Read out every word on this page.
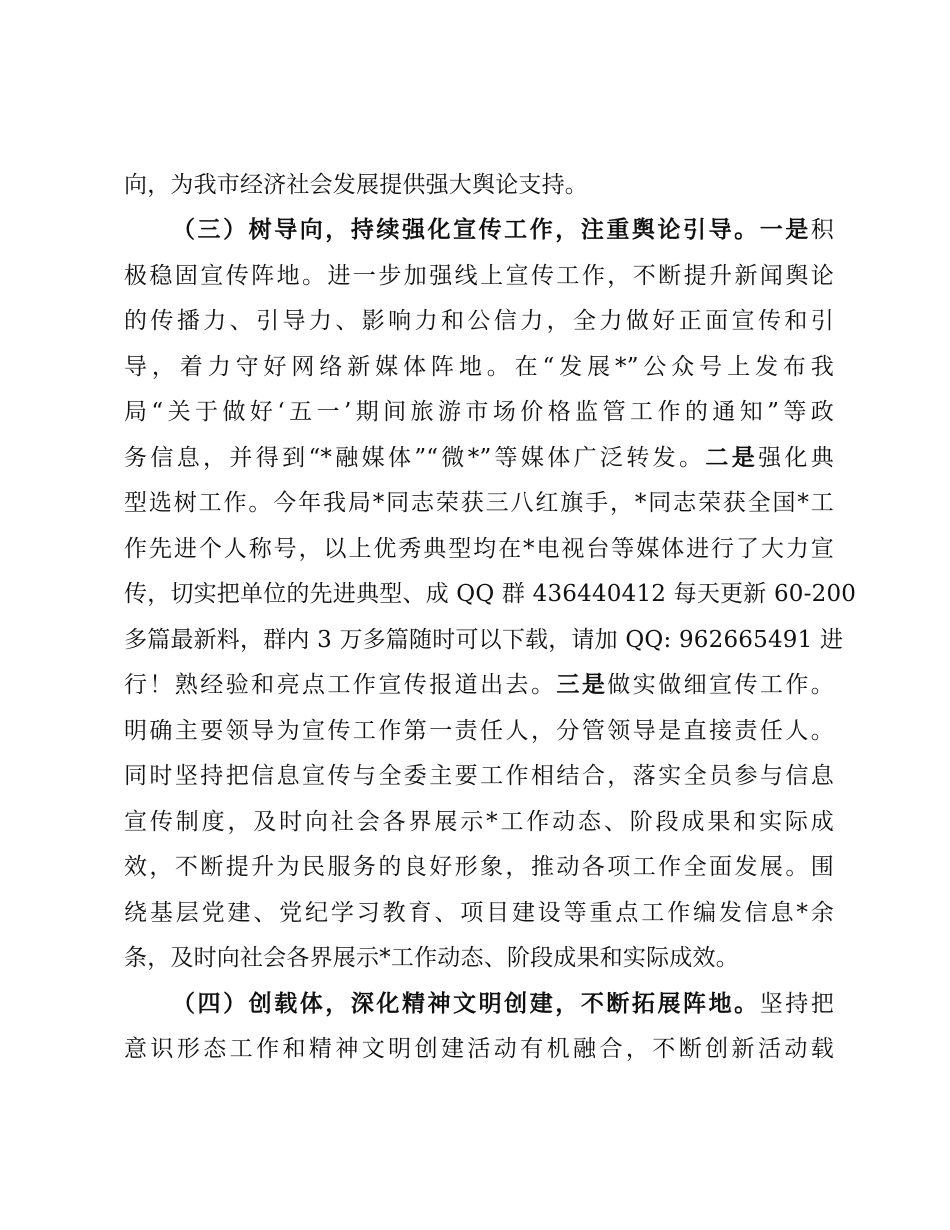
向，为我市经济社会发展提供强大舆论支持。
（三）树导向，持续强化宣传工作，注重舆论引导。一是积
极稳固宣传阵地。进一步加强线上宣传工作，不断提升新闻舆论
的传播力、引导力、影响力和公信力，全力做好正面宣传和引
导，着力守好网络新媒体阵地。在“发展*”公众号上发布我
局“关于做好‘五一’期间旅游市场价格监管工作的通知”等政
务信息，并得到“*融媒体”“微*”等媒体广泛转发。二是强化典
型选树工作。今年我局*同志荣获三八红旗手，*同志荣获全国*工
作先进个人称号，以上优秀典型均在*电视台等媒体进行了大力宣
传，切实把单位的先进典型、成 QQ 群 436440412 每天更新 60-200
多篇最新料，群内 3 万多篇随时可以下载，请加 QQ: 962665491 进
行！熟经验和亮点工作宣传报道出去。三是做实做细宣传工作。
明确主要领导为宣传工作第一责任人，分管领导是直接责任人。
同时坚持把信息宣传与全委主要工作相结合，落实全员参与信息
宣传制度，及时向社会各界展示*工作动态、阶段成果和实际成
效，不断提升为民服务的良好形象，推动各项工作全面发展。围
绕基层党建、党纪学习教育、项目建设等重点工作编发信息*余
条，及时向社会各界展示*工作动态、阶段成果和实际成效。
（四）创载体，深化精神文明创建，不断拓展阵地。坚持把
意识形态工作和精神文明创建活动有机融合，不断创新活动载
